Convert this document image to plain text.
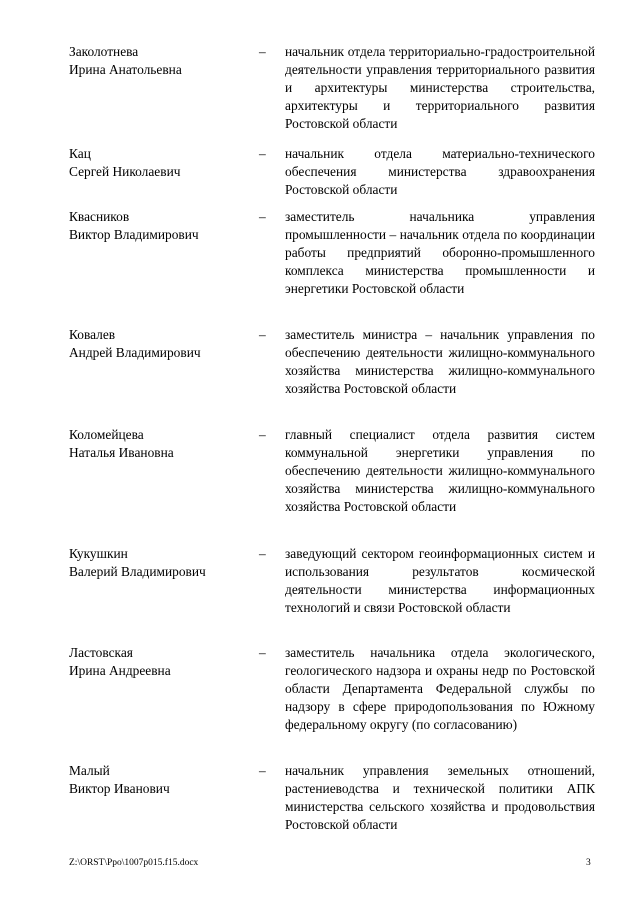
Заколотнева
Ирина Анатольевна
– начальник отдела территориально-градостроительной деятельности управления территориального развития и архитектуры министерства строительства, архитектуры и территориального развития Ростовской области
Кац
Сергей Николаевич
– начальник отдела материально-технического обеспечения министерства здравоохранения Ростовской области
Квасников
Виктор Владимирович
– заместитель начальника управления промышленности – начальник отдела по координации работы предприятий оборонно-промышленного комплекса министерства промышленности и энергетики Ростовской области
Ковалев
Андрей Владимирович
– заместитель министра – начальник управления по обеспечению деятельности жилищно-коммунального хозяйства министерства жилищно-коммунального хозяйства Ростовской области
Коломейцева
Наталья Ивановна
– главный специалист отдела развития систем коммунальной энергетики управления по обеспечению деятельности жилищно-коммунального хозяйства министерства жилищно-коммунального хозяйства Ростовской области
Кукушкин
Валерий Владимирович
– заведующий сектором геоинформационных систем и использования результатов космической деятельности министерства информационных технологий и связи Ростовской области
Ластовская
Ирина Андреевна
– заместитель начальника отдела экологического, геологического надзора и охраны недр по Ростовской области Департамента Федеральной службы по надзору в сфере природопользования по Южному федеральному округу (по согласованию)
Малый
Виктор Иванович
– начальник управления земельных отношений, растениеводства и технической политики АПК министерства сельского хозяйства и продовольствия Ростовской области
Z:\ORST\Ppo\1007p015.f15.docx	3
